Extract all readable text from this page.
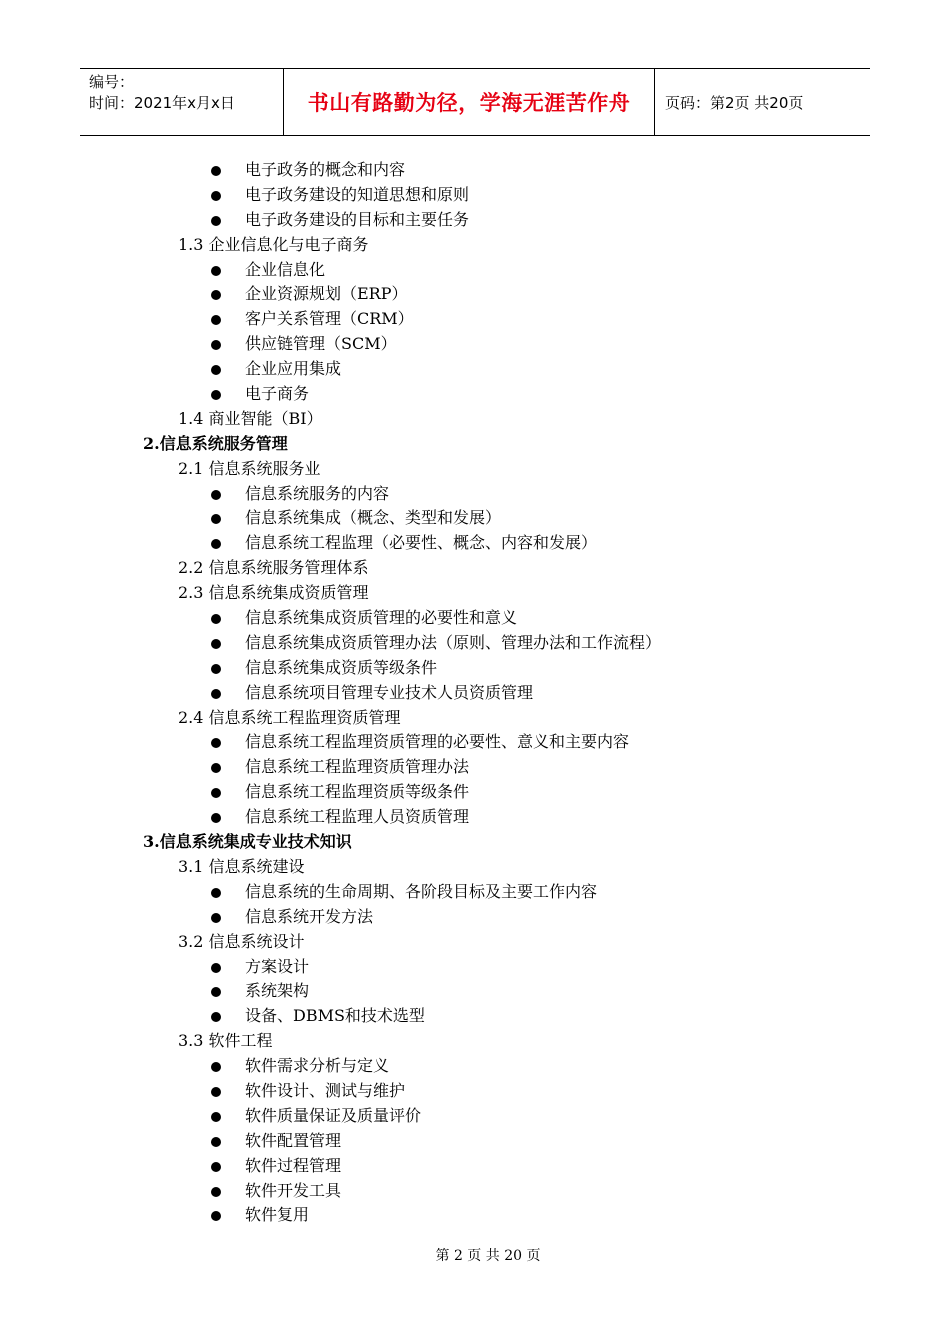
编号：
时间：2021年x月x日	书山有路勤为径，学海无涯苦作舟 页码：第2页 共20页
电子政务的概念和内容
电子政务建设的知道思想和原则
电子政务建设的目标和主要任务
1.3 企业信息化与电子商务
企业信息化
企业资源规划（ERP）
客户关系管理（CRM）
供应链管理（SCM）
企业应用集成
电子商务
1.4 商业智能（BI）
2.信息系统服务管理
2.1 信息系统服务业
信息系统服务的内容
信息系统集成（概念、类型和发展）
信息系统工程监理（必要性、概念、内容和发展）
2.2 信息系统服务管理体系
2.3 信息系统集成资质管理
信息系统集成资质管理的必要性和意义
信息系统集成资质管理办法（原则、管理办法和工作流程）
信息系统集成资质等级条件
信息系统项目管理专业技术人员资质管理
2.4 信息系统工程监理资质管理
信息系统工程监理资质管理的必要性、意义和主要内容
信息系统工程监理资质管理办法
信息系统工程监理资质等级条件
信息系统工程监理人员资质管理
3.信息系统集成专业技术知识
3.1 信息系统建设
信息系统的生命周期、各阶段目标及主要工作内容
信息系统开发方法
3.2 信息系统设计
方案设计
系统架构
设备、DBMS和技术选型
3.3 软件工程
软件需求分析与定义
软件设计、测试与维护
软件质量保证及质量评价
软件配置管理
软件过程管理
软件开发工具
软件复用
第 2 页 共 20 页
